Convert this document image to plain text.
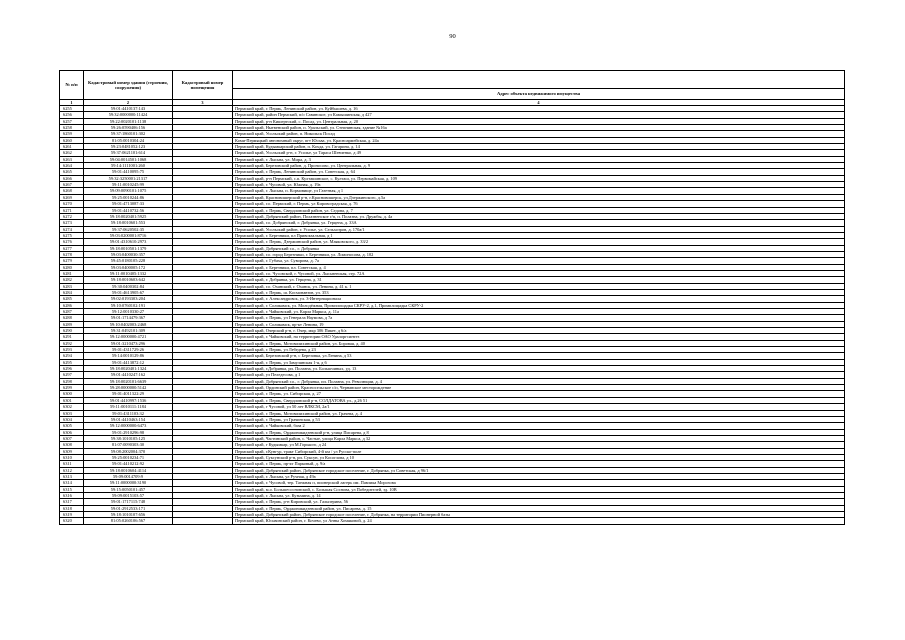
90
№ п/п	Кадастровый номер здания (строения, сооружения)	Кадастровый номер помещения	
			Адрес объекта недвижимого имущества
1	2	3	4
6255	59:01:4410137:143		Пермский край, г. Пермь, Ленинский район, ул. Куйбышева, д. 16
6256	59:32:0000000:11424		Пермский край, район Пермский, п/о Савинское, ул Камышинская, д 427
6257	59:22:0020101:1138		Пермский край, р-н Кишертский, с. Посад, ул. Центральная, д. 20
6258	59:26:0590406:156		Пермский край, Нытвенский район, п. Уральский, ул. Степнинская, здание №16а
6259	59:37:1860101:302		Пермский край, Усольский район, п. Никольск Посад
6260	81:05:0010304:24		Коми-Пермяцкий автономный округ, пгт Юсьва, ул. Красноармейская, д. 24а
6261	59:23:0481052:123		Пермский край, Кудымкарский район, п. Кохда, ул. Гагарина, д. 14
6262	59:37:0621101:614		Пермский край, Усольский р-н, г. Усолье, ул Тараса Шевченко, д 49
6263	59:04:0014501:1068		Пермский край, г. Лысьва, ул. Мира, д. 3
6264	59:14:1111001:260		Пермский край, Березовский район, д. Проносово, ул. Центральная, д. 9
6265	59:01:4410095:75		Пермский край, г. Пермь, Ленинский район, ул. Советская, д. 64
6266	59:32:3250001:21317		Пермский край, р-н Пермский, с.п. Култашинское, с. Култаш, ул. Первомайская, д. 109
6267	59:11:0010245:99		Пермский край, г. Чусовой, ул. Южная, д. 19а
6268	59:09:0090101:1075		Пермский край, г. Лысьва, п. Кормовище, ул Газетная, д 1
6269	59:25:0010244:86		Пермский край, Красновишерский р-н, г.Красновишерск, ул.Дзержинского, д.5а
6270	59:01:4713087:33		Пермский край, г.о. Пермский, г. Пермь, ул Кировоградская, д. 76
6271	59:01:4410732:56		Пермский край, г. Пермь, Свердловский район, ул. Седова, д. 7
6272	59:18:0020401:5925		Пермский край, Добрянский район, Полазненское г/п, п. Полазна, ул. Дружбы, д. 4а
6273	59:18:0010601:553		Пермский край, г.о. Добрянский, г. Добрянка, ул. Герцена, д. 33А
6274	59:37:0620502:35		Пермский край, Усольский район, г. Усолье, ул. Сельхозров, д. 170а/1
6275	59:03:0200001:8716		Пермский край, г. Березники, пл Привокзальная, д 1
6276	59:01:4310610:2973		Пермский край, г. Пермь, Дзержинский район, ул. Маяковского, д. 33/2
6277	59:18:0010501:1379		Пермский край, Добрянский г.о., г. Добрянка
6278	59:03:0400030:357		Пермский край, г.о. город Березники, г. Березники, ул. Ломоносова, д. 102
6279	59:45:0180105:228		Пермский край, г. Губаха, ул. Суворова, д. 7а
6280	59:03:0400005:172		Пермский край, г. Березники, пл. Советская, д. 4
6281	59:11:0010405:1332		Пермский край, г.о. Чусовской, г. Чусовой, ул. Лысьвенская, стр. 72А
6282	59:18:0010603:642		Пермский край, г. Добрянка, ул. Герцена, д. 31
6283	59:30:0400302:84		Пермский край, г.о. Оханский, г. Оханск, ул. Ленина, д. 41 к. 1
6284	59:01:4613905:67		Пермский край, г. Пермь, ш. Космонавтов, ул. 353
6285	59:02:0193303:204		Пермский край, г. Александровск, ул. 3-Интернационала
6286	59:10:0760102:191		Пермский край, г. Соликамск, ул. Молодёжная, Промплощадка СКРУ-2, д.1, Промплощадка СКРУ-2
6287	59:12:0010330:27		Пермский край, г. Чайковский, ул. Карла Маркса, д. 11а
6288	59:01:1714479:367		Пермский край, г. Пермь, ул Генерала Наумова, д 7а
6289	59:10:0402003:2468		Пермский край, г. Соликамск, пр-кт Ленина, 19
6290	59:31:0492101:309		Пермский край, Очерский р-н, г. Очер, мкр 306 Пикет, д 6/а
6291	59:12:0000000:4721		Пермский край, г. Чайковский, на территории ОАО Уралоргсинтез
6292	59:01:3210473:296		Пермский край, г. Пермь, Мотовилихинский район, ул. Боровая, д. 40
6293	59:01:4311729:26		Пермский край, г. Пермь, ул Лебедева, д 23
6294	59:14:0010129:86		Пермский край, Березовский р-н, с Березовка, ул Ленина, д 53
6295	59:01:4413872:12		Пермский край, г. Пермь, ул Замулянская 1-я, д 6
6296	59:18:0020401:1324		Пермский край, г.Добрянка, рп. Полазна, ул. Большчиных, уд. 13
6297	59:01:4410247:162		Пермский край, ул Пеледесова, д 1
6298	59:18:0020101:6639		Пермский край, Добрянский г.о., г. Добрянка, пп. Полазна, ул. Революции, д. 4
6299	59:28:0000000:5142		Пермский край, Ординский район, Красносельское с/п, Чернавское месторождение
6300	59:01:4011322:29		Пермский край, г. Пермь, ул. Сибирская, д. 27
6301	59:01:4410997:1536		Пермский край, г. Пермь, Свердловский р-н, СОЛДАТОВА ул., д.26 51
6302	59:11:0010111:1184		Пермский край, г Чусовой, ул 50 лет ВЛКСМ, 2а/1
6303	59:01:4311103:32		Пермский край, г. Пермь, Мотовилихинский район, ул. Грачева, д. 4
6304	59:01:4410463:154		Пермский край, г. Пермь, ул Грачинская, д 53
6305	59:12:0000000:6473		Пермский край, г. Чайковский, база 2
6306	59:01:2910296:98		Пермский край, г. Пермь, Орджоникидзевский р-н, улица Писарева, д 8
6307	59:38:1010105:125		Пермский край, Частинский район, с. Частые, улица Карла Маркса, д 32
6308	81:07:0090303:30		Пермский край, г Кудымкар, ул М.Горького, д 24
6309	59:08:2002004:370		Пермский край, г.Кунгур, тракт Сибирский, 4-й км / ул Русско-поле
6310	59:25:0010234:71		Пермский край, Суксунский р-н, рп. Суксун, ул Косоглова, д 10
6311	59:01:4410212:92		Пермский край, г. Пермь, пр-кт Парковый, д. 9/а
6312	59:18:0010604:4114		Пермский край, Добрянский район, Добрянское городское поселение, г. Добрянка, ул Советская, д 96/1
6313	59:09:0014709:9		Пермский край, г. Лысьва, ул Ручная, д 49а
6314	59:11:0000000:3190		Пермский край, г. Чусовой, тер. Таежная п, пионерский лагерь им. Павлика Морозова
6315	59:15:0050101:457		Пермский край, м.о. Большесосновский, с. Большая Соснова, ул Победителей, зд. 10В
6316	59:09:0015103:57		Пермский край, г. Лысьва, ул. Кузьмина, д. 14
6317	59:01:1717115:748		Пермский край, г. Пермь, р-н Кировский, ул. Гальперина, 56
6318	59:01:2912533:171		Пермский край, г. Пермь, Орджоникидзевский район, ул. Писарева, д. 15
6319	59:18:1010107:656		Пермский край, Добрянский район, Добрянское городское поселение, г. Добрянка, на территории Пионерной базы
6320	81:05:0260106:567		Пермский край, Юсьвинский район, г. Кочево, ул Анны Хомяковой, д. 24
